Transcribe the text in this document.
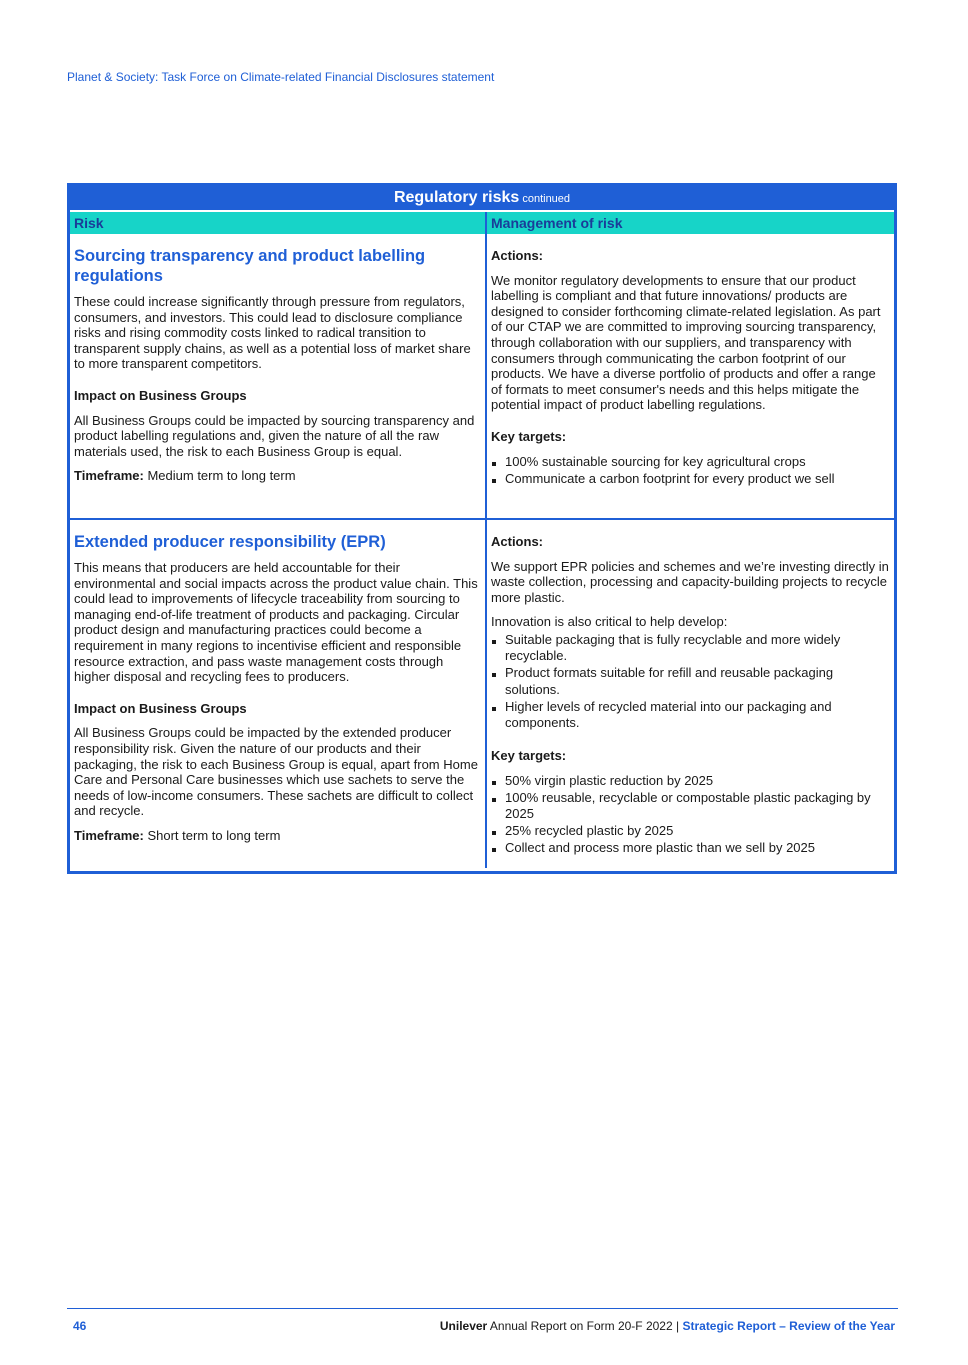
Planet & Society: Task Force on Climate-related Financial Disclosures statement
Regulatory risks continued
Risk	Management of risk
Sourcing transparency and product labelling regulations

These could increase significantly through pressure from regulators, consumers, and investors. This could lead to disclosure compliance risks and rising commodity costs linked to radical transition to transparent supply chains, as well as a potential loss of market share to more transparent competitors.

Impact on Business Groups

All Business Groups could be impacted by sourcing transparency and product labelling regulations and, given the nature of all the raw materials used, the risk to each Business Group is equal.

Timeframe: Medium term to long term

Actions:

We monitor regulatory developments to ensure that our product labelling is compliant and that future innovations/ products are designed to consider forthcoming climate-related legislation. As part of our CTAP we are committed to improving sourcing transparency, through collaboration with our suppliers, and transparency with consumers through communicating the carbon footprint of our products. We have a diverse portfolio of products and offer a range of formats to meet consumer's needs and this helps mitigate the potential impact of product labelling regulations.

Key targets:

100% sustainable sourcing for key agricultural crops
Communicate a carbon footprint for every product we sell
Extended producer responsibility (EPR)

This means that producers are held accountable for their environmental and social impacts across the product value chain. This could lead to improvements of lifecycle traceability from sourcing to managing end-of-life treatment of products and packaging. Circular product design and manufacturing practices could become a requirement in many regions to incentivise efficient and responsible resource extraction, and pass waste management costs through higher disposal and recycling fees to producers.

Impact on Business Groups

All Business Groups could be impacted by the extended producer responsibility risk. Given the nature of our products and their packaging, the risk to each Business Group is equal, apart from Home Care and Personal Care businesses which use sachets to serve the needs of low-income consumers. These sachets are difficult to collect and recycle.

Timeframe: Short term to long term

Actions:

We support EPR policies and schemes and we’re investing directly in waste collection, processing and capacity-building projects to recycle more plastic.

Innovation is also critical to help develop:

Suitable packaging that is fully recyclable and more widely recyclable.
Product formats suitable for refill and reusable packaging solutions.
Higher levels of recycled material into our packaging and components.

Key targets:

50% virgin plastic reduction by 2025
100% reusable, recyclable or compostable plastic packaging by 2025
25% recycled plastic by 2025
Collect and process more plastic than we sell by 2025
46	Unilever Annual Report on Form 20-F 2022 | Strategic Report – Review of the Year
